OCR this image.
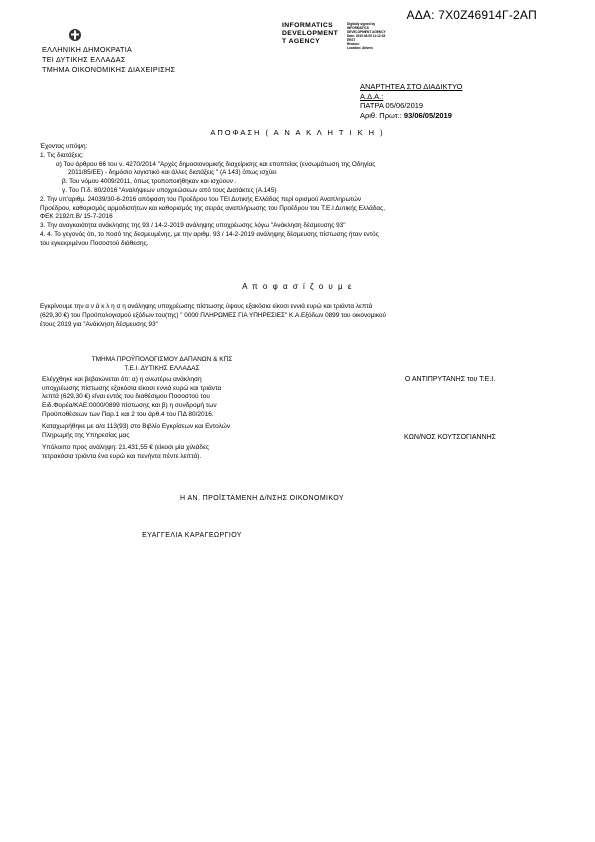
ΑΔΑ: 7Χ0Ζ46914Γ-2ΑΠ
ΕΛΛΗΝΙΚΗ ΔΗΜΟΚΡΑΤΙΑ
ΤΕΙ ΔΥΤΙΚΗΣ ΕΛΛΑΔΑΣ
ΤΜΗΜΑ ΟΙΚΟΝΟΜΙΚΗΣ ΔΙΑΧΕΙΡΙΣΗΣ
INFORMATICS
DEVELOPMENT
T AGENCY
Digitally signed by
INFORMATICS
DEVELOPMENT AGENCY
Date: 2019.06.05 11:12:33
EEST
Reason:
Location: Athens
ΑΝΑΡΤΗΤΕΑ ΣΤΟ ΔΙΑΔΙΚΤΥΟ
Α.Δ.Α.:
ΠΑΤΡΑ 05/06/2019
Αριθ. Πρωτ.: 93/06/05/2019
ΑΠΟΦΑΣΗ ( Α Ν Α Κ Λ Η Τ Ι Κ Η )

Έχοντας υπόψη:

1. Τις διατάξεις:

α) Του άρθρου 66 του ν. 4270/2014 "Αρχές δημοσιονομικής διαχείρισης και εποπτείας (ενσωμάτωση της Οδηγίας

2011/85/ΕΕ) - δημόσιο λογιστικό και άλλες διατάξεις " (Α 143) όπως ισχύει

β. Του νόμου 4009/2011, όπως τροποποιήθηκαν και ισχύουν .

γ. Του Π.δ. 80/2016 "Αναλήψεων υποχρεώσεων από τους Διατάκτες (Α.145)

2. Την υπ'αριθμ. 24039/30-6-2016 απόφαση του Προέδρου του ΤΕΙ Δυτικής Ελλάδας περί ορισμού Αναπληρωτών

Προέδρου, καθορισμός αρμοδιοτήτων και καθορισμός της σειράς αναπλήρωσης του Προέδρου του Τ.Ε.Ι Δυτικής Ελλάδας,

ΦΕΚ 2192/τ.Β/ 15-7-2016

3. Την αναγκαιότητα ανάκλησης της 93 / 14-2-2019 ανάληψης υποχρέωσης λόγω "Ανάκληση δέσμευσης 93"

4. 4. Το γεγονός ότι, το ποσό της δεσμευμένης, με την αριθμ. 93 / 14-2-2019 ανάληψης δέσμευσης πίστωσης ήταν εντός

του εγκεκριμένου Ποσοστού διάθεσης.

Α π ο φ α σ ί ζ ο υ μ ε

Εγκρίνουμε την α ν ά κ λ η σ η ανάληψης υποχρέωσης πίστωσης ύψους εξακόσια είκοσι εννιά ευρώ και τριάντα λεπτά

(629,30 €) του Προϋπολογισμού εξόδων του(της) " 0000 ΠΛΗΡΩΜΕΣ ΓΙΑ ΥΠΗΡΕΣΙΕΣ" Κ.Α.Εξόδων 0899 του οικονομικού

έτους 2019 για "Ανάκληση δέσμευσης 93"

ΤΜΗΜΑ ΠΡΟΫΠΟΛΟΓΙΣΜΟΥ ΔΑΠΑΝΩΝ & ΚΠΣ
Τ.Ε.Ι. ΔΥΤΙΚΗΣ ΕΛΛΑΔΑΣ
Ελέγχθηκε και βεβαιώνεται ότι: α) η ανωτέρω ανάκληση
υποχρέωσης πίστωσης εξακόσια είκοσι εννιά ευρώ και τριάντα
λεπτά (629,30 €) είναι εντός του διαθέσιμου Ποσοστού του
Ειδ.Φορέα/ΚΑΕ:0000/0899 πίστωσης και β) η συνδρομή των
Προϋποθέσεων των Παρ.1 και 2 του άρθ.4 του ΠΔ 80/2016.
Καταχωρήθηκε με α/α 113(93) στο Βιβλίο Εγκρίσεων και Εντολών
Πληρωμής της Υπηρεσίας μας
Υπόλοιπο προς ανάληψη: 21.431,55 € (είκοσι μία χιλιάδες
τετρακόσια τριάντα ένα ευρώ και πενήντα πέντε λεπτά).
Ο ΑΝΤΙΠΡΥΤΑΝΗΣ του Τ.Ε.Ι.
ΚΩΝ/ΝΟΣ ΚΟΥΤΣΟΓΙΑΝΝΗΣ
Η ΑΝ. ΠΡΟΪΣΤΑΜΕΝΗ Δ/ΝΣΗΣ ΟΙΚΟΝΟΜΙΚΟΥ
ΕΥΑΓΓΕΛΙΑ ΚΑΡΑΓΕΩΡΓΙΟΥ
